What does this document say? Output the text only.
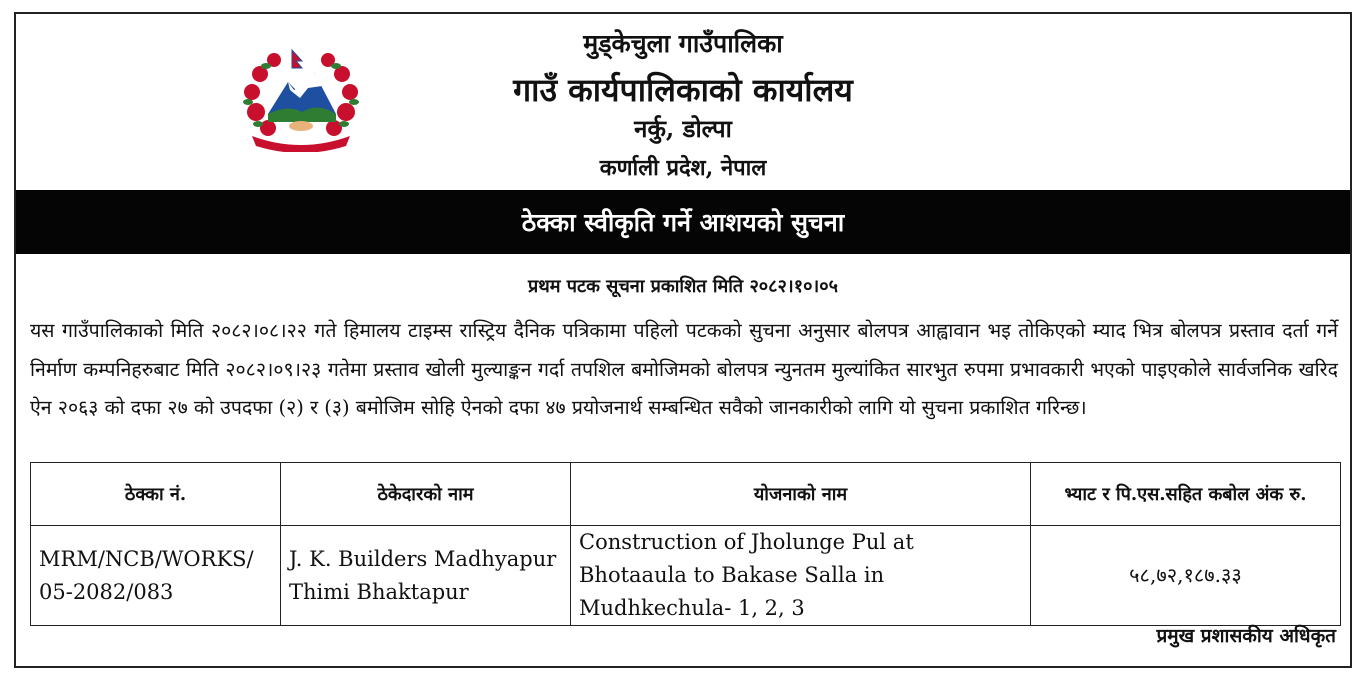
मुड्केचुला गाउँपालिका
गाउँ कार्यपालिकाको कार्यालय
नर्कु, डोल्पा
कर्णाली प्रदेश, नेपाल
ठेक्का स्वीकृति गर्ने आशयको सुचना
प्रथम पटक सूचना प्रकाशित मिति २०८२।१०।०५
यस गाउँपालिकाको मिति २०८२।०८।२२ गते हिमालय टाइम्स रास्ट्रिय दैनिक पत्रिकामा पहिलो पटकको सुचना अनुसार बोलपत्र आह्वावान भइ तोकिएको म्याद भित्र बोलपत्र प्रस्ताव दर्ता गर्ने निर्माण कम्पनिहरुबाट मिति २०८२।०९।२३ गतेमा प्रस्ताव खोली मुल्याङ्कन गर्दा तपशिल बमोजिमको बोलपत्र न्युनतम मुल्यांकित सारभुत रुपमा प्रभावकारी भएको पाइएकोले सार्वजनिक खरिद ऐन २०६३ को दफा २७ को उपदफा (२) र (३) बमोजिम सोहि ऐनको दफा ४७ प्रयोजनार्थ सम्बन्धित सवैको जानकारीको लागि यो सुचना प्रकाशित गरिन्छ।
ठेक्का नं.	ठेकेदारको नाम	योजनाको नाम	भ्याट र पि.एस.सहित कबोल अंक रु.
MRM/NCB/WORKS/ 05-2082/083	J. K. Builders Madhyapur Thimi Bhaktapur	Construction of Jholunge Pul at Bhotaaula to Bakase Salla in Mudhkechula- 1, 2, 3	५८,७२,१८७.३३
प्रमुख प्रशासकीय अधिकृत
